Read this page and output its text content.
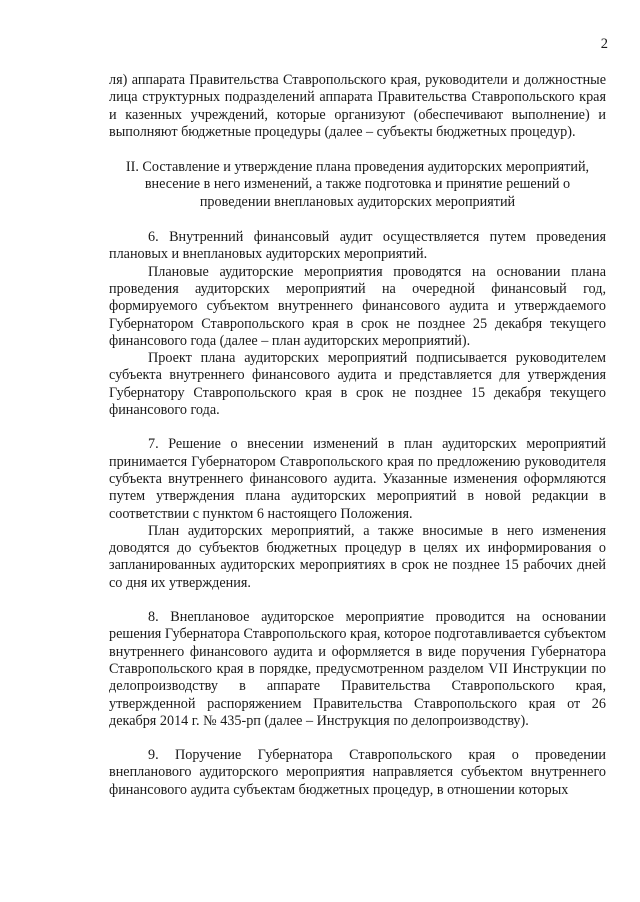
2

ля) аппарата Правительства Ставропольского края, руководители и должностные лица структурных подразделений аппарата Правительства Ставропольского края и казенных учреждений, которые организуют (обеспечивают выполнение) и выполняют бюджетные процедуры (далее – субъекты бюджетных процедур).

II. Составление и утверждение плана проведения аудиторских мероприятий, внесение в него изменений, а также подготовка и принятие решений о проведении внеплановых аудиторских мероприятий

6. Внутренний финансовый аудит осуществляется путем проведения плановых и внеплановых аудиторских мероприятий.

Плановые аудиторские мероприятия проводятся на основании плана проведения аудиторских мероприятий на очередной финансовый год, формируемого субъектом внутреннего финансового аудита и утверждаемого Губернатором Ставропольского края в срок не позднее 25 декабря текущего финансового года (далее – план аудиторских мероприятий).

Проект плана аудиторских мероприятий подписывается руководителем субъекта внутреннего финансового аудита и представляется для утверждения Губернатору Ставропольского края в срок не позднее 15 декабря текущего финансового года.

7. Решение о внесении изменений в план аудиторских мероприятий принимается Губернатором Ставропольского края по предложению руководителя субъекта внутреннего финансового аудита. Указанные изменения оформляются путем утверждения плана аудиторских мероприятий в новой редакции в соответствии с пунктом 6 настоящего Положения.

План аудиторских мероприятий, а также вносимые в него изменения доводятся до субъектов бюджетных процедур в целях их информирования о запланированных аудиторских мероприятиях в срок не позднее 15 рабочих дней со дня их утверждения.

8. Внеплановое аудиторское мероприятие проводится на основании решения Губернатора Ставропольского края, которое подготавливается субъектом внутреннего финансового аудита и оформляется в виде поручения Губернатора Ставропольского края в порядке, предусмотренном разделом VII Инструкции по делопроизводству в аппарате Правительства Ставропольского края, утвержденной распоряжением Правительства Ставропольского края от 26 декабря 2014 г. № 435-рп (далее – Инструкция по делопроизводству).

9. Поручение Губернатора Ставропольского края о проведении внепланового аудиторского мероприятия направляется субъектом внутреннего финансового аудита субъектам бюджетных процедур, в отношении которых
